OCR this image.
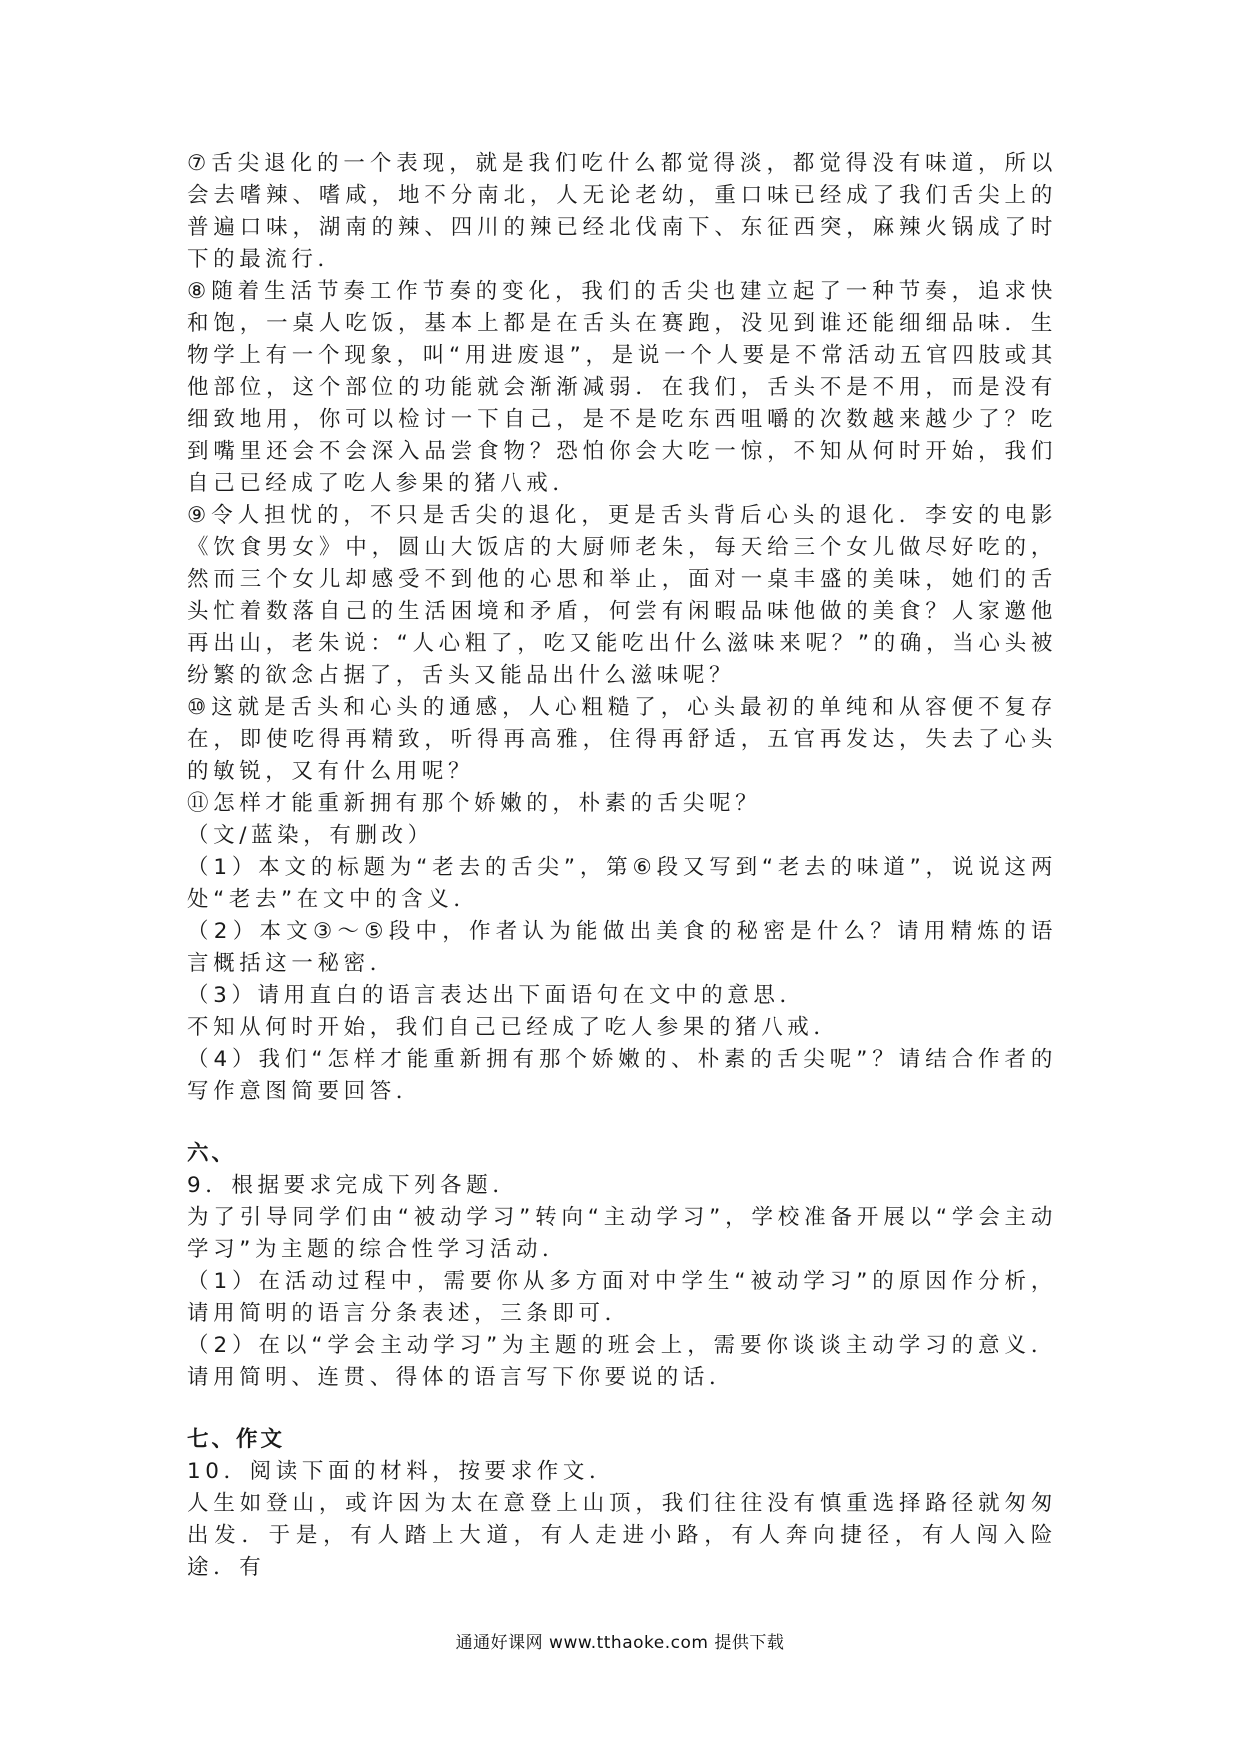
⑦舌尖退化的一个表现，就是我们吃什么都觉得淡，都觉得没有味道，所以会去嗜辣、嗜咸，地不分南北，人无论老幼，重口味已经成了我们舌尖上的普遍口味，湖南的辣、四川的辣已经北伐南下、东征西突，麻辣火锅成了时下的最流行．

⑧随着生活节奏工作节奏的变化，我们的舌尖也建立起了一种节奏，追求快和饱，一桌人吃饭，基本上都是在舌头在赛跑，没见到谁还能细细品味．生物学上有一个现象，叫“用进废退”，是说一个人要是不常活动五官四肢或其他部位，这个部位的功能就会渐渐减弱．在我们，舌头不是不用，而是没有细致地用，你可以检讨一下自己，是不是吃东西咀嚼的次数越来越少了？吃到嘴里还会不会深入品尝食物？恐怕你会大吃一惊，不知从何时开始，我们自己已经成了吃人参果的猪八戒．

⑨令人担忧的，不只是舌尖的退化，更是舌头背后心头的退化．李安的电影《饮食男女》中，圆山大饭店的大厨师老朱，每天给三个女儿做尽好吃的，然而三个女儿却感受不到他的心思和举止，面对一桌丰盛的美味，她们的舌头忙着数落自己的生活困境和矛盾，何尝有闲暇品味他做的美食？人家邀他再出山，老朱说：“人心粗了，吃又能吃出什么滋味来呢？”的确，当心头被纷繁的欲念占据了，舌头又能品出什么滋味呢？

⑩这就是舌头和心头的通感，人心粗糙了，心头最初的单纯和从容便不复存在，即使吃得再精致，听得再高雅，住得再舒适，五官再发达，失去了心头的敏锐，又有什么用呢？

⑪怎样才能重新拥有那个娇嫩的，朴素的舌尖呢？

（文/蓝染，有删改）

（1）本文的标题为“老去的舌尖”，第⑥段又写到“老去的味道”，说说这两处“老去”在文中的含义．

（2）本文③～⑤段中，作者认为能做出美食的秘密是什么？请用精炼的语言概括这一秘密．

（3）请用直白的语言表达出下面语句在文中的意思．

不知从何时开始，我们自己已经成了吃人参果的猪八戒．

（4）我们“怎样才能重新拥有那个娇嫩的、朴素的舌尖呢”？请结合作者的写作意图简要回答．

六、

9．根据要求完成下列各题．

为了引导同学们由“被动学习”转向“主动学习”，学校准备开展以“学会主动学习”为主题的综合性学习活动．

（1）在活动过程中，需要你从多方面对中学生“被动学习”的原因作分析，请用简明的语言分条表述，三条即可．

（2）在以“学会主动学习”为主题的班会上，需要你谈谈主动学习的意义．请用简明、连贯、得体的语言写下你要说的话．

七、作文

10．阅读下面的材料，按要求作文．

人生如登山，或许因为太在意登上山顶，我们往往没有慎重选择路径就匆匆出发．于是，有人踏上大道，有人走进小路，有人奔向捷径，有人闯入险途．有

通通好课网 www.tthaoke.com 提供下载
